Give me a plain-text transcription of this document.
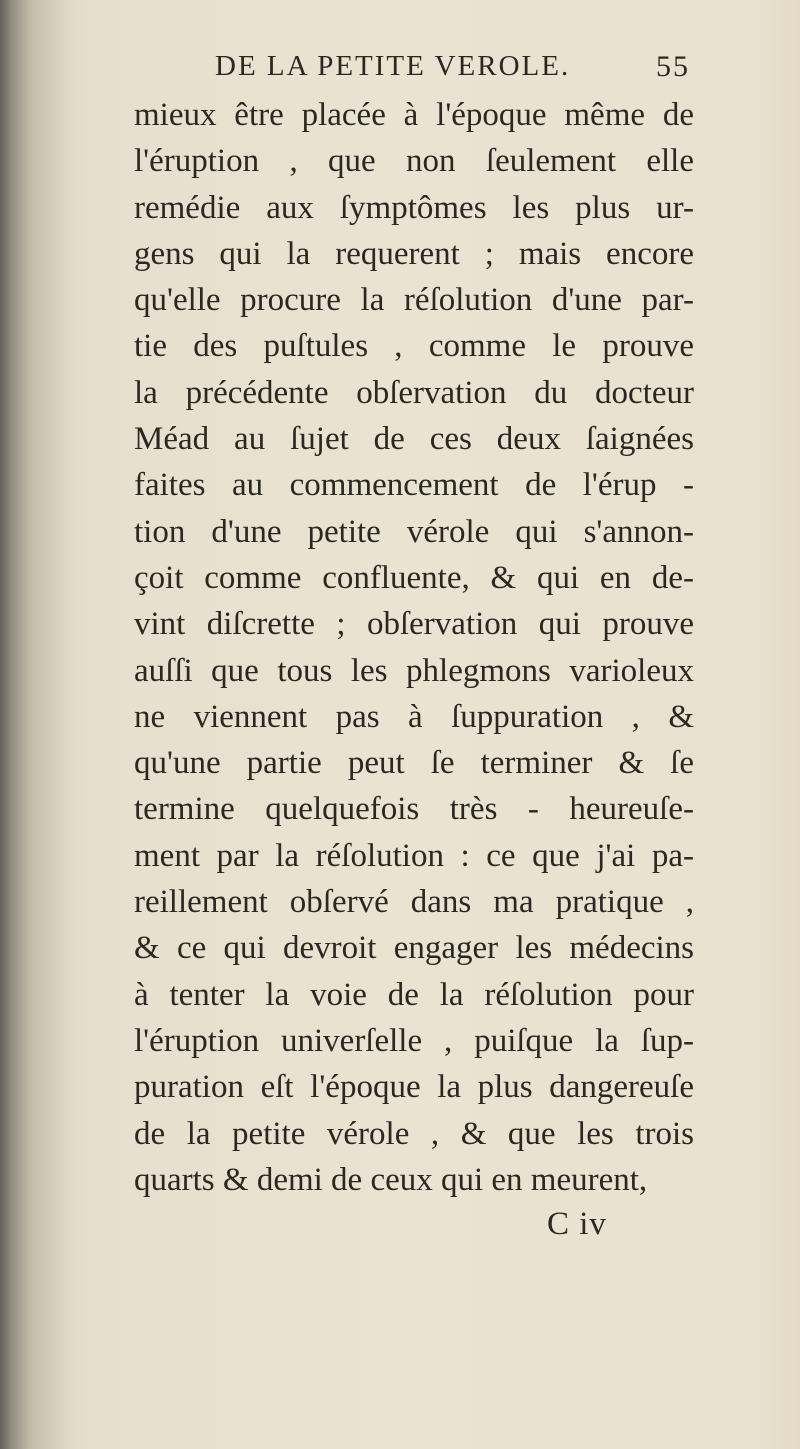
DE LA PETITE VEROLE.	55
mieux être placée à l'époque même de
l'éruption , que non ſeulement elle
remédie aux ſymptômes les plus ur-
gens qui la requerent ; mais encore
qu'elle procure la réſolution d'une par-
tie des puſtules , comme le prouve
la précédente obſervation du docteur
Méad au ſujet de ces deux ſaignées
faites au commencement de l'érup -
tion d'une petite vérole qui s'annon-
çoit comme confluente, & qui en de-
vint diſcrette ; obſervation qui prouve
auſſi que tous les phlegmons varioleux
ne viennent pas à ſuppuration , &
qu'une partie peut ſe terminer & ſe
termine quelquefois très - heureuſe-
ment par la réſolution : ce que j'ai pa-
reillement obſervé dans ma pratique ,
& ce qui devroit engager les médecins
à tenter la voie de la réſolution pour
l'éruption univerſelle , puiſque la ſup-
puration eſt l'époque la plus dangereuſe
de la petite vérole , & que les trois
quarts & demi de ceux qui en meurent,
C iv
